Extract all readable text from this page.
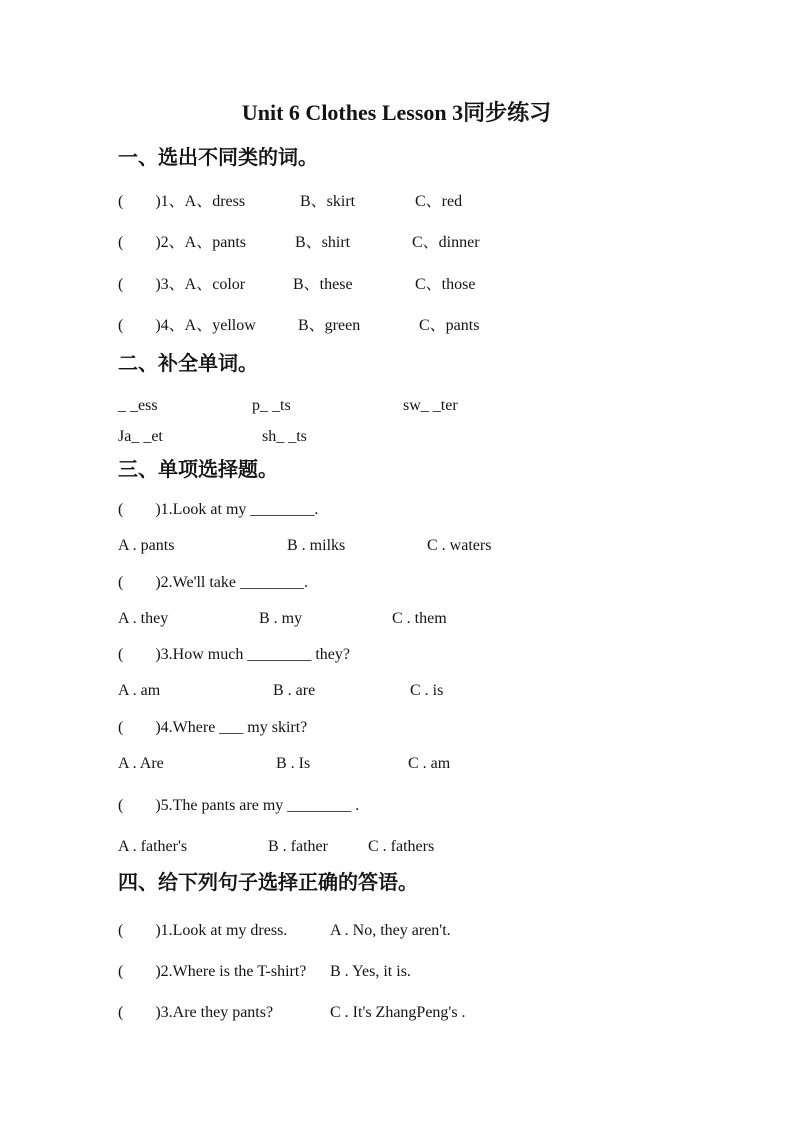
Unit 6 Clothes Lesson 3同步练习
一、选出不同类的词。
(　　)1、A、dress	B、skirt	C、red
(　　)2、A、pants	B、shirt	C、dinner
(　　)3、A、color	B、these	C、those
(　　)4、A、yellow	B、green	C、pants
二、补全单词。
_ _ess	p_ _ts	sw_ _ter
Ja_ _et	sh_ _ts
三、单项选择题。
(　　)1.Look at my ________.
A . pants	B . milks	C . waters
(　　)2.We'll take ________.
A . they	B . my	C . them
(　　)3.How much ________ they?
A . am	B . are	C . is
(　　)4.Where ___ my skirt?
A . Are	B . Is	C . am
(　　)5.The pants are my ________ .
A . father's	B . father	C . fathers
四、给下列句子选择正确的答语。
(　　)1.Look at my dress.	A . No, they aren't.
(　　)2.Where is the T-shirt? B . Yes, it is.
(　　)3.Are they pants?	C . It's ZhangPeng's .
